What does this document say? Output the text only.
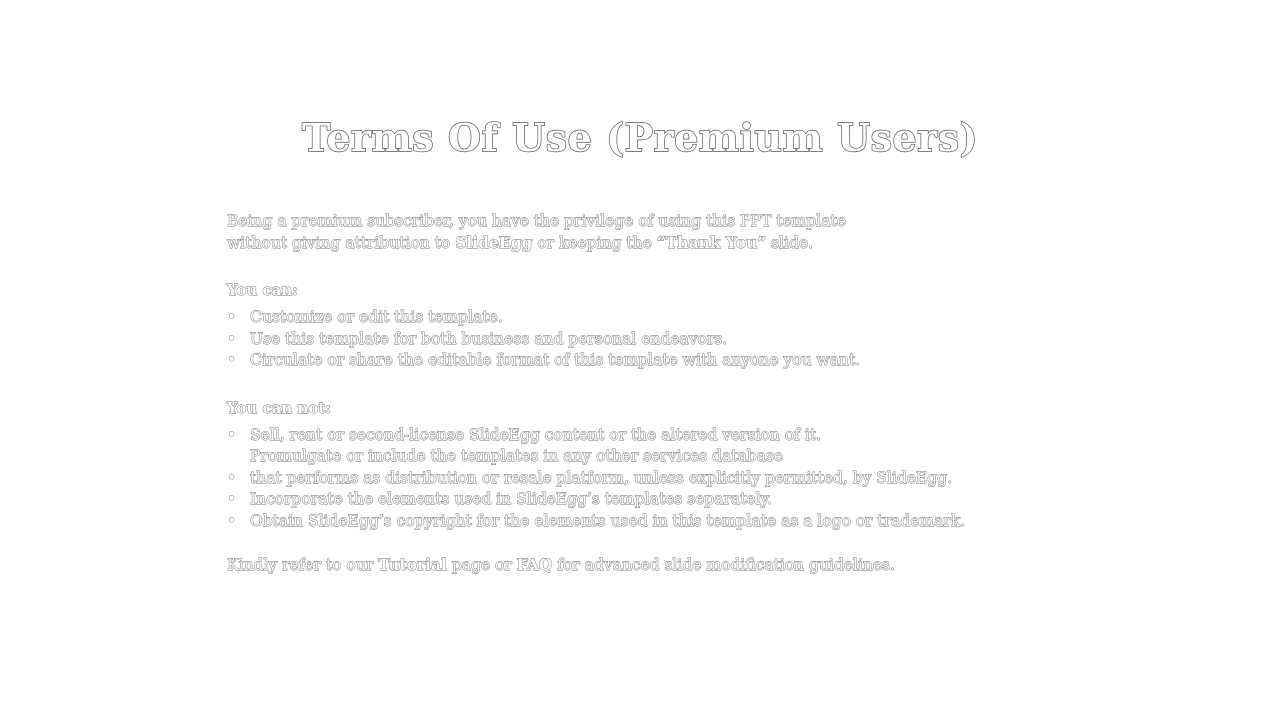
Terms Of Use (Premium Users)

Being a premium subscriber, you have the privilege of using this PPT template
without giving attribution to SlideEgg or keeping the “Thank You” slide.

You can:

• Customize or edit this template.
• Use this template for both business and personal endeavors.
• Circulate or share the editable format of this template with anyone you want.

You can not:

• Sell, rent or second-license SlideEgg content or the altered version of it.
Promulgate or include the templates in any other services database
• that performs as distribution or resale platform, unless explicitly permitted, by SlideEgg.
• Incorporate the elements used in SlideEgg’s templates separately.
• Obtain SlideEgg’s copyright for the elements used in this template as a logo or trademark.

Kindly refer to our Tutorial page or FAQ for advanced slide modification guidelines.
